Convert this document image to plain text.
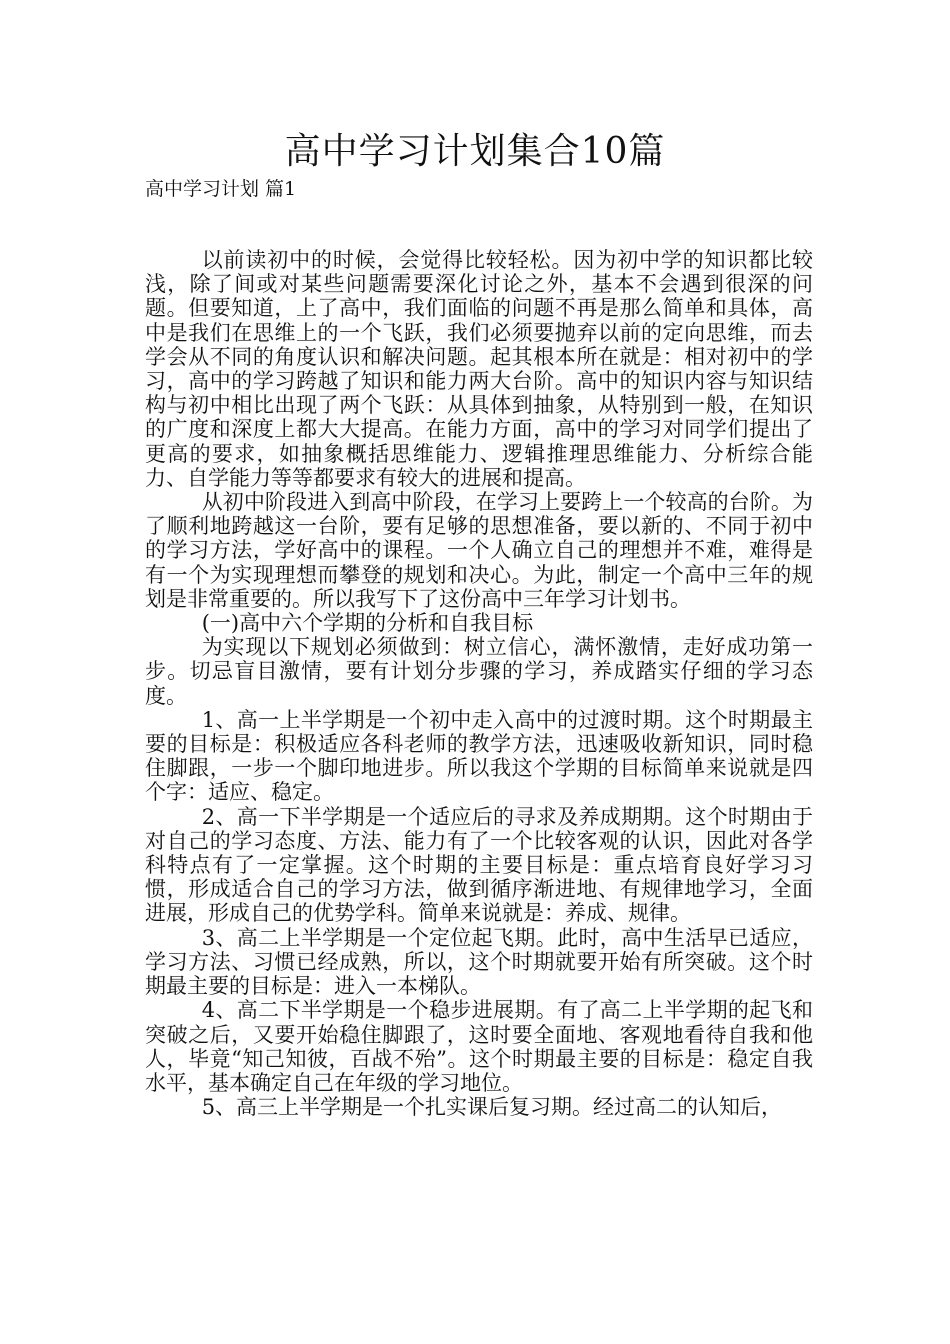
高中学习计划集合10篇
高中学习计划 篇1

以前读初中的时候，会觉得比较轻松。因为初中学的知识都比较浅，除了间或对某些问题需要深化讨论之外，基本不会遇到很深的问题。但要知道，上了高中，我们面临的问题不再是那么简单和具体，高中是我们在思维上的一个飞跃，我们必须要抛弃以前的定向思维，而去学会从不同的角度认识和解决问题。起其根本所在就是：相对初中的学习，高中的学习跨越了知识和能力两大台阶。高中的知识内容与知识结构与初中相比出现了两个飞跃：从具体到抽象，从特别到一般，在知识的广度和深度上都大大提高。在能力方面，高中的学习对同学们提出了更高的要求，如抽象概括思维能力、逻辑推理思维能力、分析综合能力、自学能力等等都要求有较大的进展和提高。

从初中阶段进入到高中阶段，在学习上要跨上一个较高的台阶。为了顺利地跨越这一台阶，要有足够的思想准备，要以新的、不同于初中的学习方法，学好高中的课程。一个人确立自己的理想并不难，难得是有一个为实现理想而攀登的规划和决心。为此，制定一个高中三年的规划是非常重要的。所以我写下了这份高中三年学习计划书。

(一)高中六个学期的分析和自我目标

为实现以下规划必须做到：树立信心，满怀激情，走好成功第一步。切忌盲目激情，要有计划分步骤的学习，养成踏实仔细的学习态度。

1、高一上半学期是一个初中走入高中的过渡时期。这个时期最主要的目标是：积极适应各科老师的教学方法，迅速吸收新知识，同时稳住脚跟，一步一个脚印地进步。所以我这个学期的目标简单来说就是四个字：适应、稳定。

2、高一下半学期是一个适应后的寻求及养成期期。这个时期由于对自己的学习态度、方法、能力有了一个比较客观的认识，因此对各学科特点有了一定掌握。这个时期的主要目标是：重点培育良好学习习惯，形成适合自己的学习方法，做到循序渐进地、有规律地学习，全面进展，形成自己的优势学科。简单来说就是：养成、规律。

3、高二上半学期是一个定位起飞期。此时，高中生活早已适应，学习方法、习惯已经成熟，所以，这个时期就要开始有所突破。这个时期最主要的目标是：进入一本梯队。

4、高二下半学期是一个稳步进展期。有了高二上半学期的起飞和突破之后，又要开始稳住脚跟了，这时要全面地、客观地看待自我和他人，毕竟“知己知彼，百战不殆”。这个时期最主要的目标是：稳定自我水平，基本确定自己在年级的学习地位。

5、高三上半学期是一个扎实课后复习期。经过高二的认知后，
